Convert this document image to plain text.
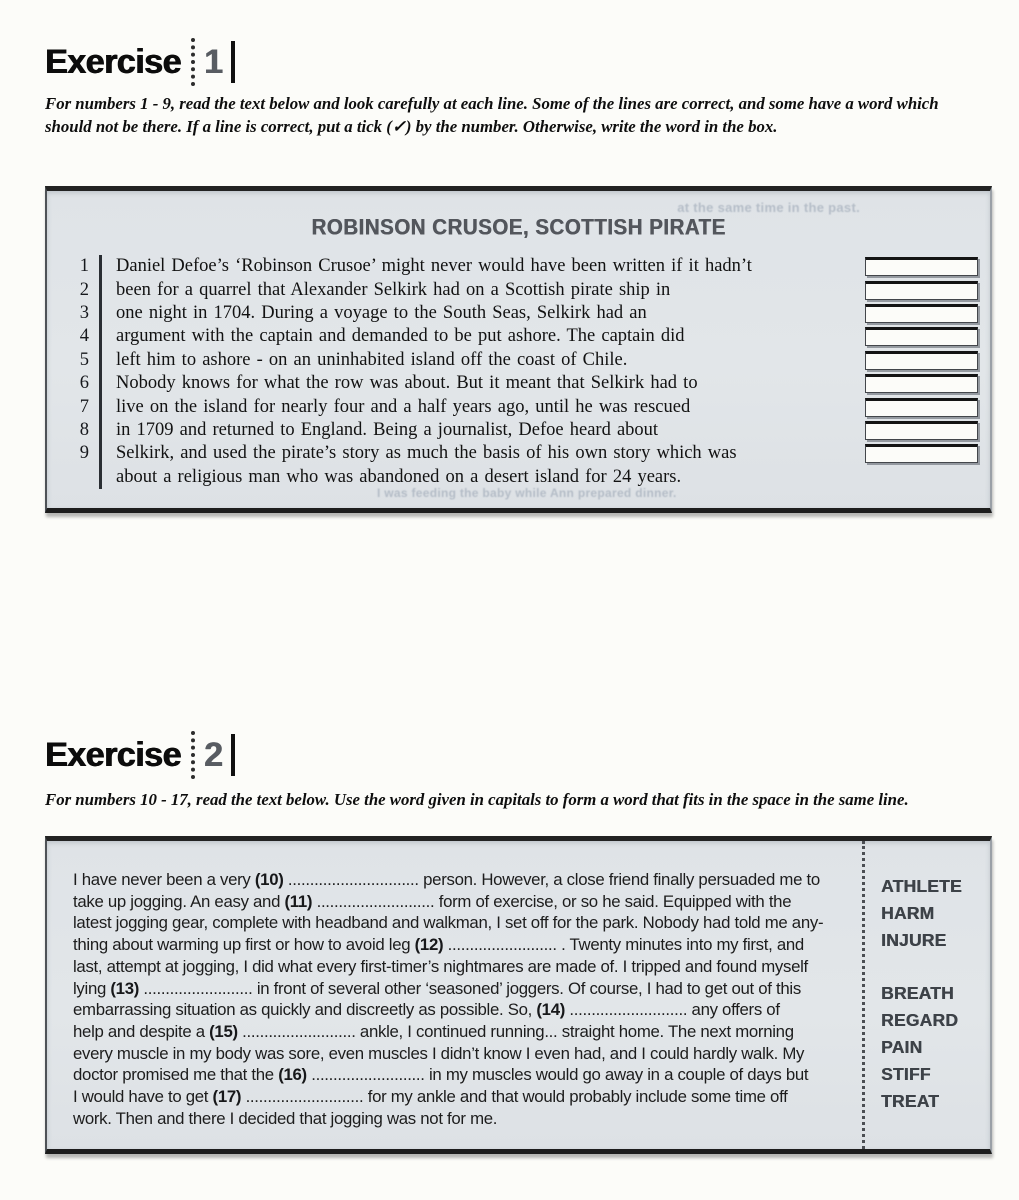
Exercise 1
For numbers 1 - 9, read the text below and look carefully at each line. Some of the lines are correct, and some have a word which should not be there. If a line is correct, put a tick (✓) by the number. Otherwise, write the word in the box.
at the same time in the past.
I was feeding the baby while Ann prepared dinner.
ROBINSON CRUSOE, SCOTTISH PIRATE
1	Daniel Defoe’s ‘Robinson Crusoe’ might never would have been written if it hadn’t
2	been for a quarrel that Alexander Selkirk had on a Scottish pirate ship in
3	one night in 1704. During a voyage to the South Seas, Selkirk had an
4	argument with the captain and demanded to be put ashore. The captain did
5	left him to ashore - on an uninhabited island off the coast of Chile.
6	Nobody knows for what the row was about. But it meant that Selkirk had to
7	live on the island for nearly four and a half years ago, until he was rescued
8	in 1709 and returned to England. Being a journalist, Defoe heard about
9	Selkirk, and used the pirate’s story as much the basis of his own story which was
about a religious man who was abandoned on a desert island for 24 years.
Exercise 2
For numbers 10 - 17, read the text below. Use the word given in capitals to form a word that fits in the space in the same line.
I have never been a very (10) .............................. person. However, a close friend finally persuaded me to
take up jogging. An easy and (11) ........................... form of exercise, or so he said. Equipped with the
latest jogging gear, complete with headband and walkman, I set off for the park. Nobody had told me any-
thing about warming up first or how to avoid leg (12) ......................... . Twenty minutes into my first, and
last, attempt at jogging, I did what every first-timer’s nightmares are made of. I tripped and found myself
lying (13) ......................... in front of several other ‘seasoned’ joggers. Of course, I had to get out of this
embarrassing situation as quickly and discreetly as possible. So, (14) ........................... any offers of
help and despite a (15) .......................... ankle, I continued running... straight home. The next morning
every muscle in my body was sore, even muscles I didn’t know I even had, and I could hardly walk. My
doctor promised me that the (16) .......................... in my muscles would go away in a couple of days but
I would have to get (17) ........................... for my ankle and that would probably include some time off
work. Then and there I decided that jogging was not for me.
ATHLETE
HARM
INJURE
BREATH
REGARD
PAIN
STIFF
TREAT
